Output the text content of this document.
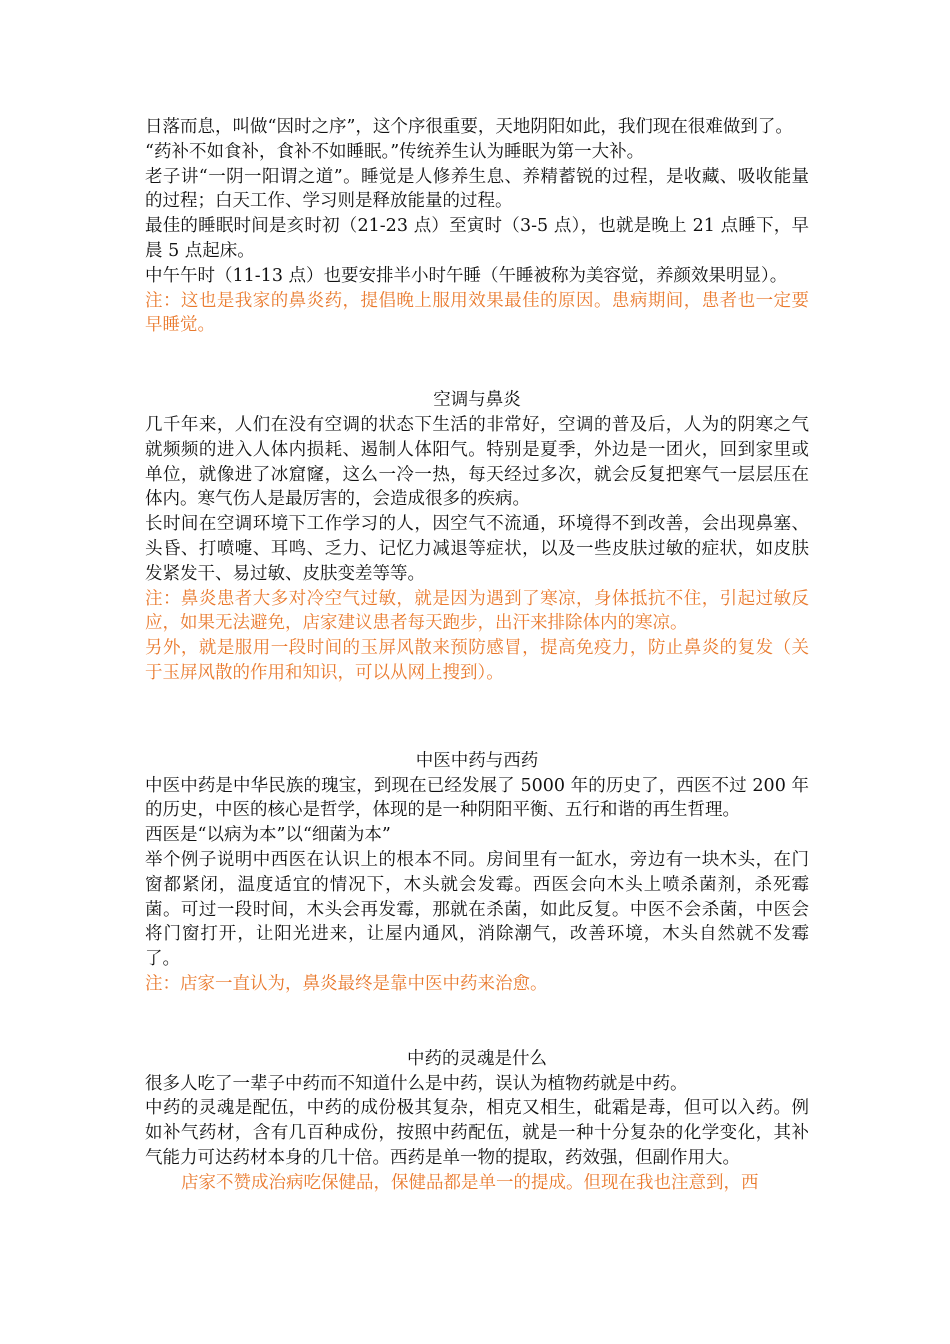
日落而息，叫做“因时之序”，这个序很重要，天地阴阳如此，我们现在很难做到了。

“药补不如食补，食补不如睡眠。”传统养生认为睡眠为第一大补。

老子讲“一阴一阳谓之道”。睡觉是人修养生息、养精蓄锐的过程，是收藏、吸收能量的过程；白天工作、学习则是释放能量的过程。

最佳的睡眠时间是亥时初（21-23 点）至寅时（3-5 点），也就是晚上 21 点睡下，早晨 5 点起床。

中午午时（11-13 点）也要安排半小时午睡（午睡被称为美容觉，养颜效果明显）。

注：这也是我家的鼻炎药，提倡晚上服用效果最佳的原因。患病期间，患者也一定要早睡觉。

空调与鼻炎

几千年来，人们在没有空调的状态下生活的非常好，空调的普及后，人为的阴寒之气就频频的进入人体内损耗、遏制人体阳气。特别是夏季，外边是一团火，回到家里或单位，就像进了冰窟窿，这么一冷一热，每天经过多次，就会反复把寒气一层层压在体内。寒气伤人是最厉害的，会造成很多的疾病。

长时间在空调环境下工作学习的人，因空气不流通，环境得不到改善，会出现鼻塞、头昏、打喷嚏、耳鸣、乏力、记忆力减退等症状，以及一些皮肤过敏的症状，如皮肤发紧发干、易过敏、皮肤变差等等。

注：鼻炎患者大多对冷空气过敏，就是因为遇到了寒凉，身体抵抗不住，引起过敏反应，如果无法避免，店家建议患者每天跑步，出汗来排除体内的寒凉。

另外，就是服用一段时间的玉屏风散来预防感冒，提高免疫力，防止鼻炎的复发（关于玉屏风散的作用和知识，可以从网上搜到）。

中医中药与西药

中医中药是中华民族的瑰宝，到现在已经发展了 5000 年的历史了，西医不过 200 年的历史，中医的核心是哲学，体现的是一种阴阳平衡、五行和谐的再生哲理。

西医是“以病为本”以“细菌为本”

举个例子说明中西医在认识上的根本不同。房间里有一缸水，旁边有一块木头，在门窗都紧闭，温度适宜的情况下，木头就会发霉。西医会向木头上喷杀菌剂，杀死霉菌。可过一段时间，木头会再发霉，那就在杀菌，如此反复。中医不会杀菌，中医会将门窗打开，让阳光进来，让屋内通风，消除潮气，改善环境，木头自然就不发霉了。

注：店家一直认为，鼻炎最终是靠中医中药来治愈。

中药的灵魂是什么

很多人吃了一辈子中药而不知道什么是中药，误认为植物药就是中药。

中药的灵魂是配伍，中药的成份极其复杂，相克又相生，砒霜是毒，但可以入药。例如补气药材，含有几百种成份，按照中药配伍，就是一种十分复杂的化学变化，其补气能力可达药材本身的几十倍。西药是单一物的提取，药效强，但副作用大。

店家不赞成治病吃保健品，保健品都是单一的提成。但现在我也注意到，西
